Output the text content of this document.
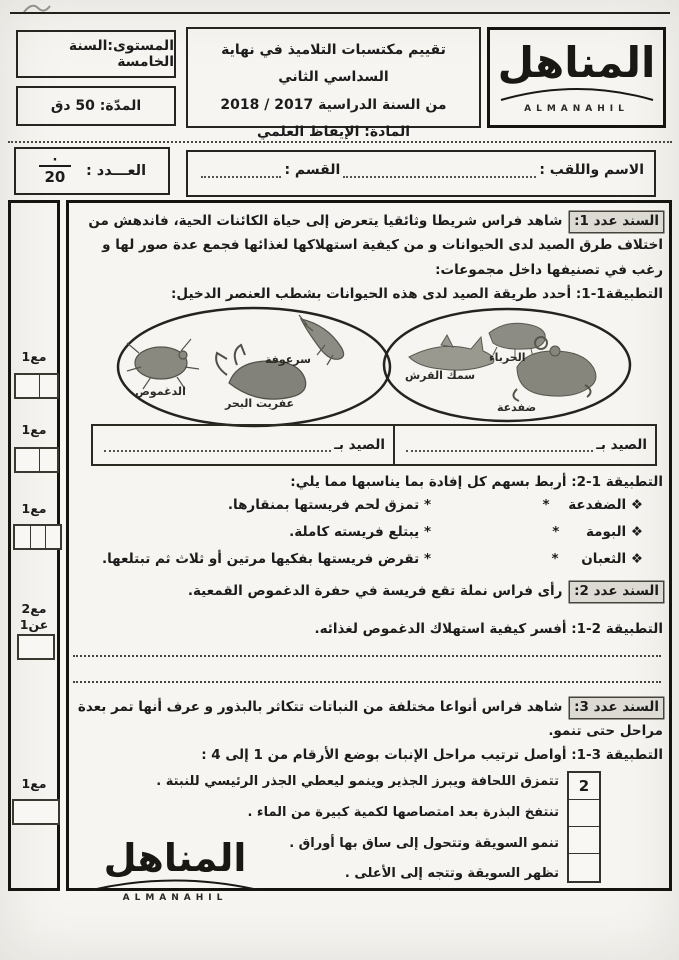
المناهل
ALMANAHIL
تقييم مكتسبات التلاميذ في نهاية السداسي الثاني
من السنة الدراسية 2017 / 2018
المادة: الإيقاظ العلمي
المستوى:السنة الخامسة
المدّة: 50 دق
الاسم واللقب :
القسم :
العـــدد :
$\frac{\cdot}{20}$
مع1
مع1
مع1
مع2
عن1
مع1
السند عدد 1: شاهد فراس شريطا وثائقيا يتعرض إلى حياة الكائنات الحية، فاندهش من اختلاف طرق الصيد لدى الحيوانات و من كيفية استهلاكها لغذائها فجمع عدة صور لها و رغب في تصنيفها داخل مجموعات:
التطبيقة1-1: أحدد طريقة الصيد لدى هذه الحيوانات بشطب العنصر الدخيل:
الحرباء
سمك القرش
ضفدعة
سرعوفة
الدغموص
عفريت البحر
الصيد بـ
الصيد بـ
التطبيقة 1-2: أربط بسهم كل إفادة بما يناسبها مما يلي:
❖ الضفدعة *
* تمزق لحم فريستها بمنقارها.
❖ البومة *
* يبتلع فريسته كاملة.
❖ الثعبان *
* تقرض فريستها بفكيها مرتين أو ثلاث ثم تبتلعها.
السند عدد 2: رأى فراس نملة تقع فريسة في حفرة الدغموص القمعية.
التطبيقة 2-1: أفسر كيفية استهلاك الدغموص لغذائه.
السند عدد 3: شاهد فراس أنواعا مختلفة من النباتات تتكاثر بالبذور و عرف أنها تمر بعدة مراحل حتى تنمو.
التطبيقة 3-1: أواصل ترتيب مراحل الإنبات بوضع الأرقام من 1 إلى 4 :
2
تتمزق اللحافة ويبرز الجذير وينمو ليعطي الجذر الرئيسي للنبتة .
تنتفخ البذرة بعد امتصاصها لكمية كبيرة من الماء .
تنمو السويقة وتتحول إلى ساق بها أوراق .
تظهر السويقة وتتجه إلى الأعلى .
المناهل
ALMANAHIL
